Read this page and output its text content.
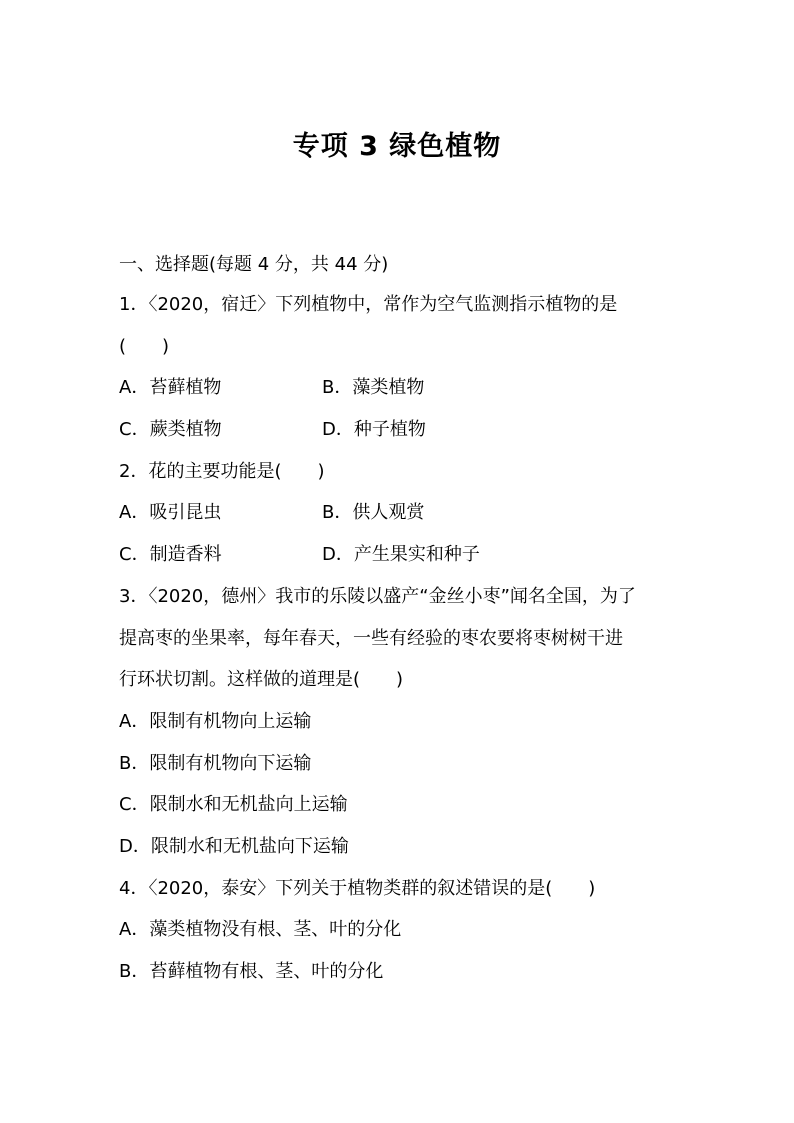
专项 3 绿色植物
一、选择题(每题 4 分，共 44 分)
1．〈2020，宿迁〉下列植物中，常作为空气监测指示植物的是
(　　)
A．苔藓植物	B．藻类植物
C．蕨类植物	D．种子植物
2．花的主要功能是(　　)
A．吸引昆虫	B．供人观赏
C．制造香料	D．产生果实和种子
3．〈2020，德州〉我市的乐陵以盛产“金丝小枣”闻名全国，为了
提高枣的坐果率，每年春天，一些有经验的枣农要将枣树树干进
行环状切割。这样做的道理是(　　)
A．限制有机物向上运输
B．限制有机物向下运输
C．限制水和无机盐向上运输
D．限制水和无机盐向下运输
4．〈2020，泰安〉下列关于植物类群的叙述错误的是(　　)
A．藻类植物没有根、茎、叶的分化
B．苔藓植物有根、茎、叶的分化
